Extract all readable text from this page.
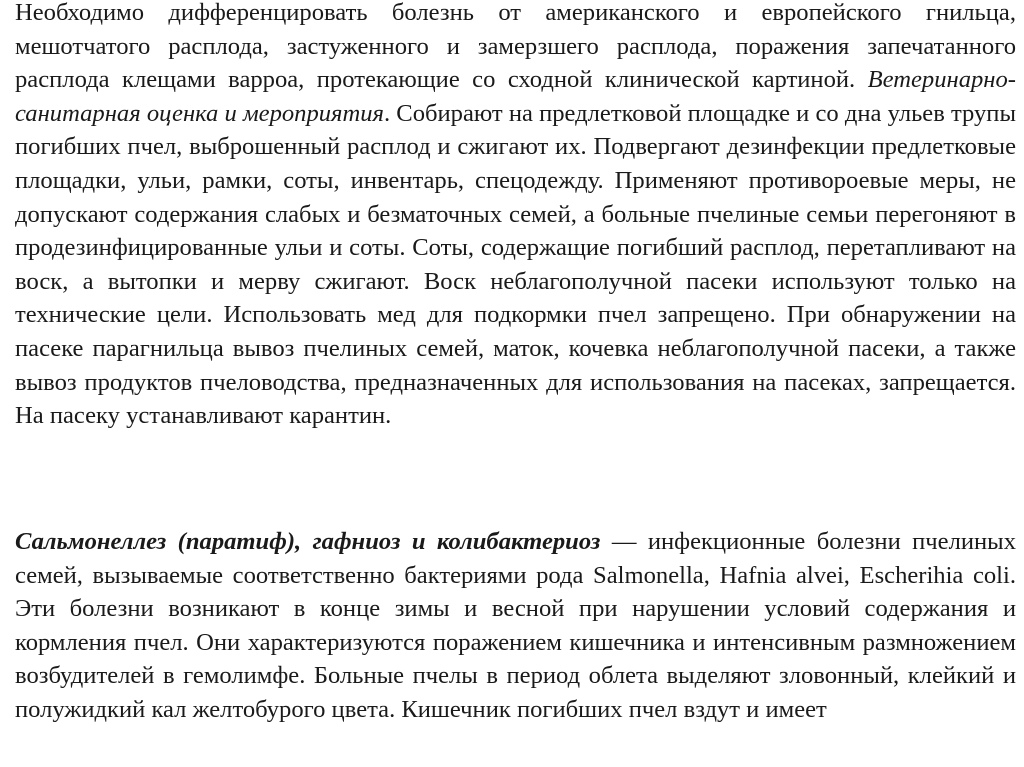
Необходимо дифференцировать болезнь от американского и европейского гнильца, мешотчатого расплода, застуженного и замерзшего расплода, поражения запечатанного расплода клещами варроа, протекающие со сходной клинической картиной. Ветеринарно-санитарная оценка и мероприятия. Собирают на предлетковой площадке и со дна ульев трупы погибших пчел, выброшенный расплод и сжигают их. Подвергают дезинфекции предлетковые площадки, ульи, рамки, соты, инвентарь, спецодежду. Применяют противороевые меры, не допускают содержания слабых и безматочных семей, а больные пчелиные семьи перегоняют в продезинфицированные ульи и соты. Соты, содержащие погибший расплод, перетапливают на воск, а вытопки и мерву сжигают. Воск неблагополучной пасеки используют только на технические цели. Использовать мед для подкормки пчел запрещено. При обнаружении на пасеке парагнильца вывоз пчелиных семей, маток, кочевка неблагополучной пасеки, а также вывоз продуктов пчеловодства, предназначенных для использования на пасеках, запрещается. На пасеку устанавливают карантин.

Сальмонеллез (паратиф), гафниоз и колибактериоз — инфекционные болезни пчелиных семей, вызываемые соответственно бактериями рода Salmonella, Hafnia alvei, Escherihia coli. Эти болезни возникают в конце зимы и весной при нарушении условий содержания и кормления пчел. Они характеризуются поражением кишечника и интенсивным размножением возбудителей в гемолимфе. Больные пчелы в период облета выделяют зловонный, клейкий и полужидкий кал желтобурого цвета. Кишечник погибших пчел вздут и имеет
